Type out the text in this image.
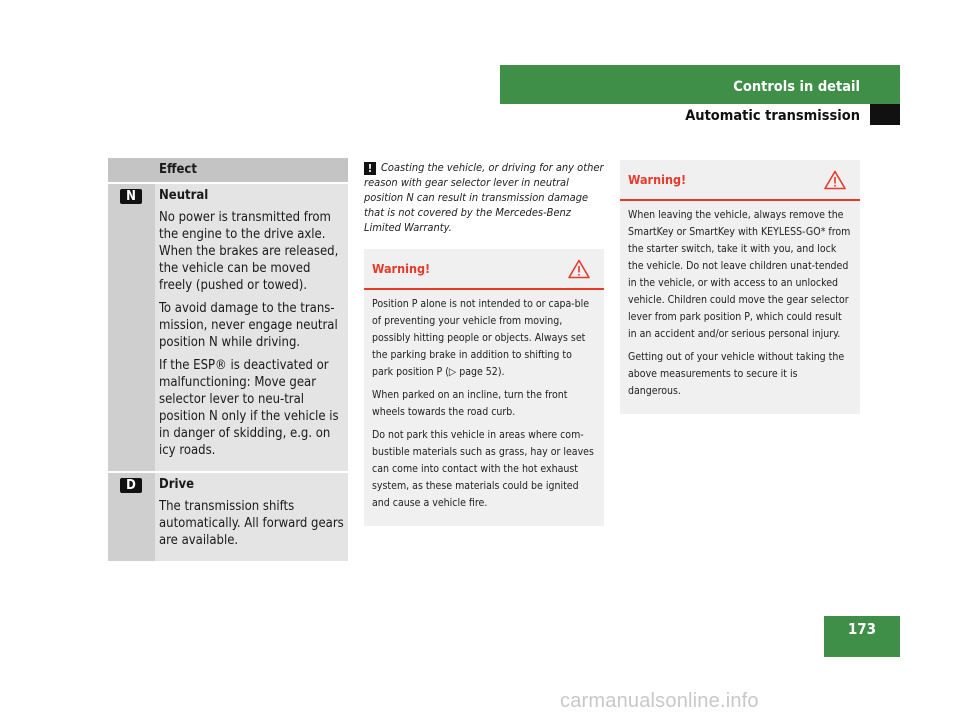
Controls in detail
Automatic transmission
Effect
N	Neutral

No power is transmitted from the engine to the drive axle. When the brakes are released, the vehicle can be moved freely (pushed or towed).

To avoid damage to the trans-mission, never engage neutral position N while driving.

If the ESP® is deactivated or malfunctioning: Move gear selector lever to neu-tral position N only if the vehicle is in danger of skidding, e.g. on icy roads.

D	Drive

The transmission shifts automatically. All forward gears are available.

! Coasting the vehicle, or driving for any other reason with gear selector lever in neutral position N can result in transmission damage that is not covered by the Mercedes-Benz Limited Warranty.
Warning!

Position P alone is not intended to or capa-ble of preventing your vehicle from moving, possibly hitting people or objects. Always set the parking brake in addition to shifting to park position P (▷ page 52).

When parked on an incline, turn the front wheels towards the road curb.

Do not park this vehicle in areas where com-bustible materials such as grass, hay or leaves can come into contact with the hot exhaust system, as these materials could be ignited and cause a vehicle fire.

Warning!

When leaving the vehicle, always remove the SmartKey or SmartKey with KEYLESS-GO* from the starter switch, take it with you, and lock the vehicle. Do not leave children unat-tended in the vehicle, or with access to an unlocked vehicle. Children could move the gear selector lever from park position P, which could result in an accident and/or serious personal injury.

Getting out of your vehicle without taking the above measurements to secure it is dangerous.

173
carmanualsonline.info
